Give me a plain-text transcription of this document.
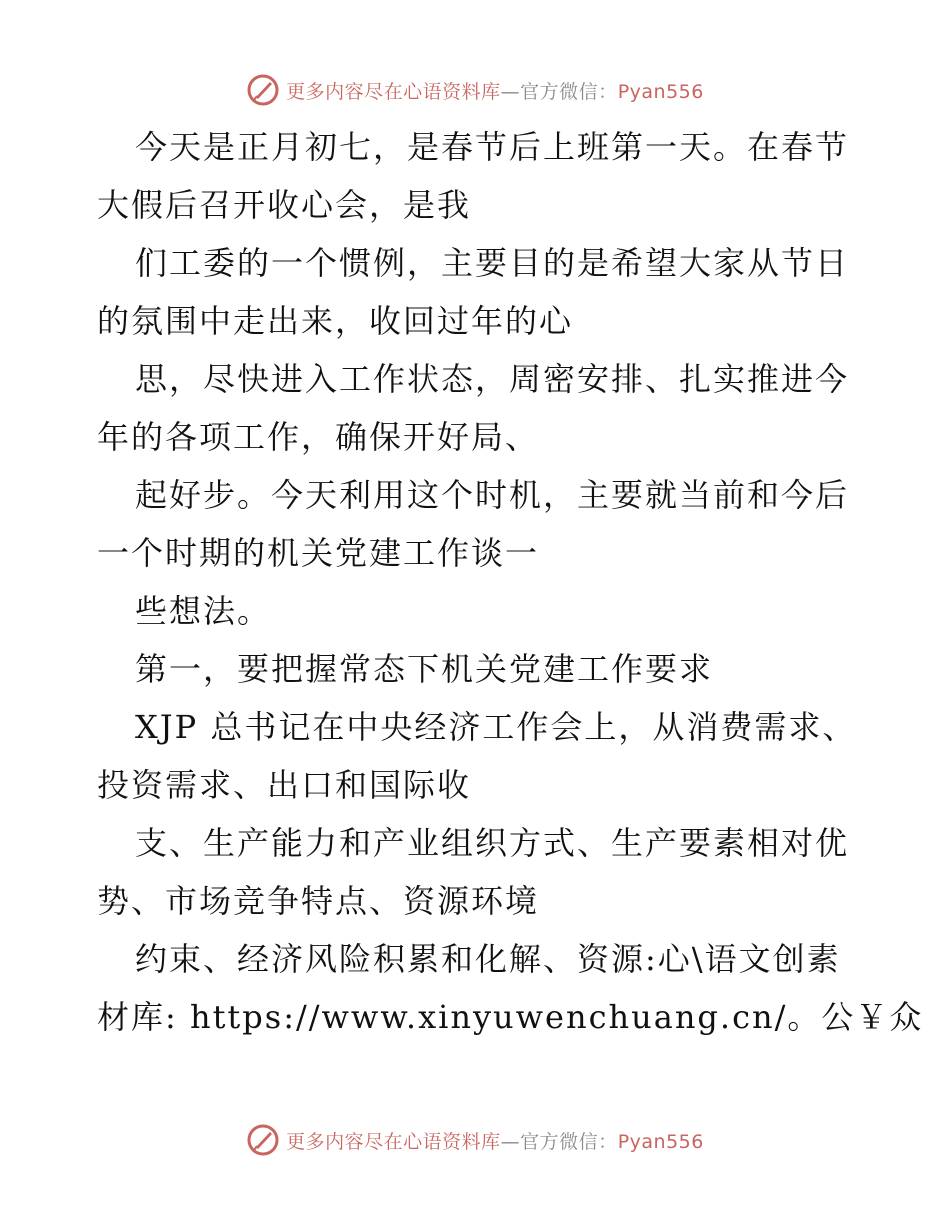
更多内容尽在心语资料库—官方微信：Pyan556
今天是正月初七，是春节后上班第一天。在春节
大假后召开收心会，是我
们工委的一个惯例，主要目的是希望大家从节日
的氛围中走出来，收回过年的心
思，尽快进入工作状态，周密安排、扎实推进今
年的各项工作，确保开好局、
起好步。今天利用这个时机，主要就当前和今后
一个时期的机关党建工作谈一
些想法。
第一，要把握常态下机关党建工作要求
XJP 总书记在中央经济工作会上，从消费需求、
投资需求、出口和国际收
支、生产能力和产业组织方式、生产要素相对优
势、市场竞争特点、资源环境
约束、经济风险积累和化解、资源:心\语文创素
材库: https://www.xinyuwenchuang.cn/。公￥众
更多内容尽在心语资料库—官方微信：Pyan556
